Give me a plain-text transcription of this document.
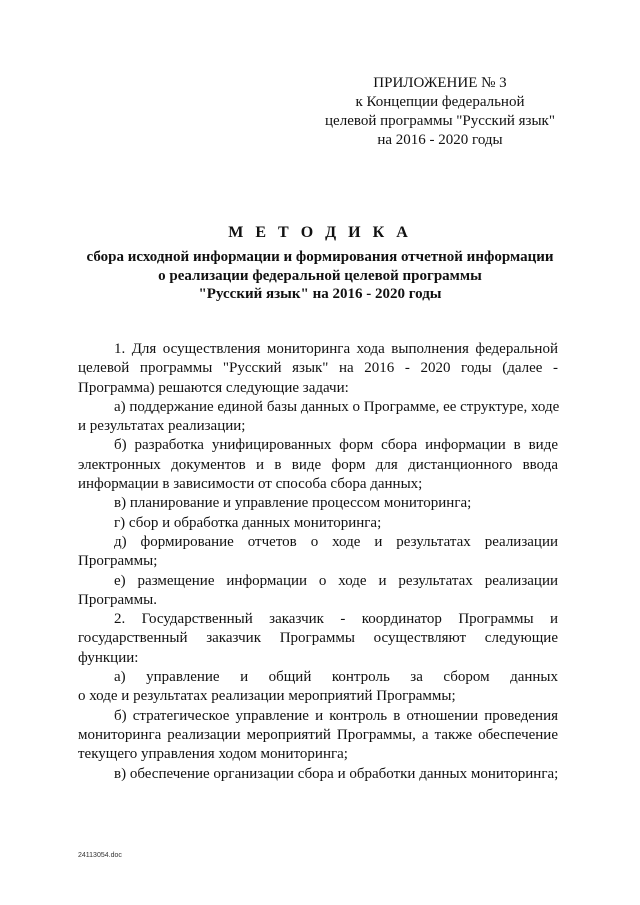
ПРИЛОЖЕНИЕ № 3
к Концепции федеральной
целевой программы "Русский язык"
на 2016 - 2020 годы
М Е Т О Д И К А
сбора исходной информации и формирования отчетной информации
о реализации федеральной целевой программы
"Русский язык" на 2016 - 2020 годы
1. Для осуществления мониторинга хода выполнения федеральной
целевой программы "Русский язык" на 2016 - 2020 годы (далее -
Программа) решаются следующие задачи:
а) поддержание единой базы данных о Программе, ее структуре, ходе
и результатах реализации;
б) разработка унифицированных форм сбора информации в виде
электронных документов и в виде форм для дистанционного ввода
информации в зависимости от способа сбора данных;
в) планирование и управление процессом мониторинга;
г) сбор и обработка данных мониторинга;
д) формирование отчетов о ходе и результатах реализации
Программы;
е) размещение информации о ходе и результатах реализации
Программы.
2. Государственный заказчик - координатор Программы и
государственный заказчик Программы осуществляют следующие
функции:
а) управление и общий контроль за сбором данных
о ходе и результатах реализации мероприятий Программы;
б) стратегическое управление и контроль в отношении проведения
мониторинга реализации мероприятий Программы, а также обеспечение
текущего управления ходом мониторинга;
в) обеспечение организации сбора и обработки данных мониторинга;
24113054.doc
